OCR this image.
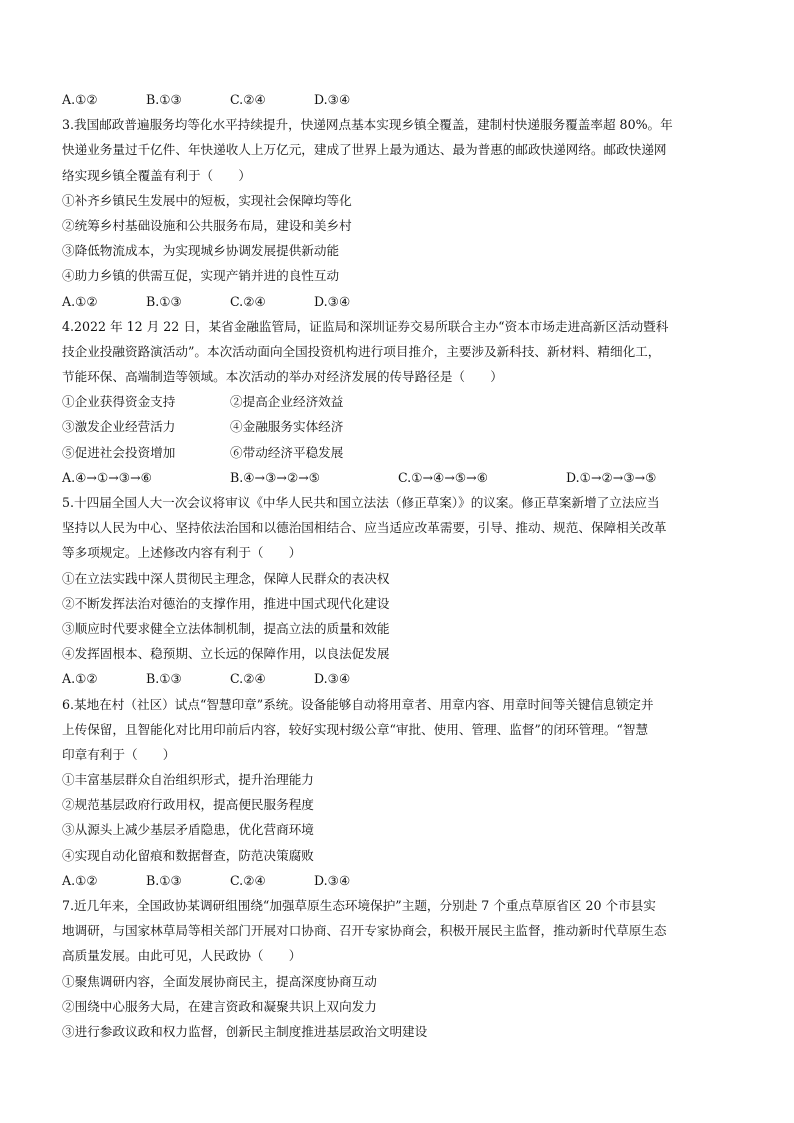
A.①②	B.①③	C.②④	D.③④
3.我国邮政普遍服务均等化水平持续提升，快递网点基本实现乡镇全覆盖，建制村快递服务覆盖率超 80%。年
快递业务量过千亿件、年快递收人上万亿元，建成了世界上最为通达、最为普惠的邮政快递网络。邮政快递网
络实现乡镇全覆盖有利于（　　）
①补齐乡镇民生发展中的短板，实现社会保障均等化
②统筹乡村基础设施和公共服务布局，建设和美乡村
③降低物流成本，为实现城乡协调发展提供新动能
④助力乡镇的供需互促，实现产销并进的良性互动
A.①②	B.①③	C.②④	D.③④
4.2022 年 12 月 22 日，某省金融监管局，证监局和深圳证券交易所联合主办“资本市场走进高新区活动暨科
技企业投融资路演活动”。本次活动面向全国投资机构进行项目推介，主要涉及新科技、新材料、精细化工，
节能环保、高端制造等领域。本次活动的举办对经济发展的传导路径是（　　）
①企业获得资金支持	②提高企业经济效益
③激发企业经营活力	④金融服务实体经济
⑤促进社会投资增加	⑥带动经济平稳发展
A.④→①→③→⑥	B.④→③→②→⑤	C.①→④→⑤→⑥	D.①→②→③→⑤
5.十四届全国人大一次会议将审议《中华人民共和国立法法（修正草案）》的议案。修正草案新增了立法应当
坚持以人民为中心、坚持依法治国和以德治国相结合、应当适应改革需要，引导、推动、规范、保障相关改革
等多项规定。上述修改内容有利于（　　）
①在立法实践中深人贯彻民主理念，保障人民群众的表决权
②不断发挥法治对德治的支撑作用，推进中国式现代化建设
③顺应时代要求健全立法体制机制，提高立法的质量和效能
④发挥固根本、稳预期、立长远的保障作用，以良法促发展
A.①②	B.①③	C.②④	D.③④
6.某地在村（社区）试点“智慧印章”系统。设备能够自动将用章者、用章内容、用章时间等关键信息锁定并
上传保留，且智能化对比用印前后内容，较好实现村级公章“审批、使用、管理、监督”的闭环管理。“智慧
印章有利于（　　）
①丰富基层群众自治组织形式，提升治理能力
②规范基层政府行政用权，提高便民服务程度
③从源头上减少基层矛盾隐患，优化营商环境
④实现自动化留痕和数据督查，防范决策腐败
A.①②	B.①③	C.②④	D.③④
7.近几年来，全国政协某调研组围绕“加强草原生态环境保护”主题，分别赴 7 个重点草原省区 20 个市县实
地调研，与国家林草局等相关部门开展对口协商、召开专家协商会，积极开展民主监督，推动新时代草原生态
高质量发展。由此可见，人民政协（　　）
①聚焦调研内容，全面发展协商民主，提高深度协商互动
②围绕中心服务大局，在建言资政和凝聚共识上双向发力
③进行参政议政和权力监督，创新民主制度推进基层政治文明建设
